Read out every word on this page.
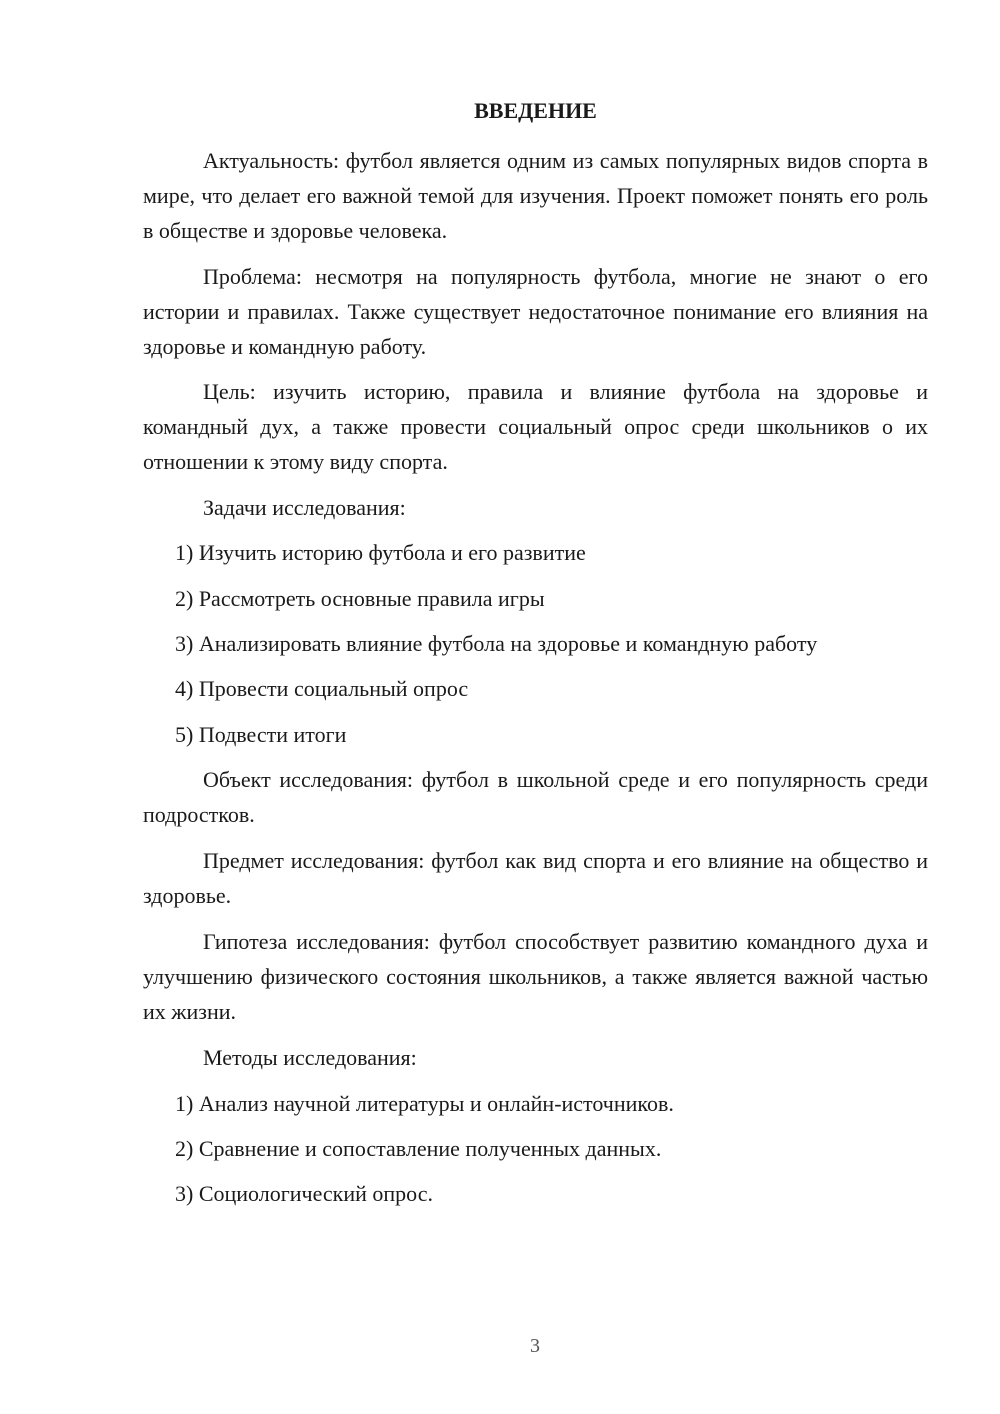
ВВЕДЕНИЕ

Актуальность: футбол является одним из самых популярных видов спорта в мире, что делает его важной темой для изучения. Проект поможет понять его роль в обществе и здоровье человека.

Проблема: несмотря на популярность футбола, многие не знают о его истории и правилах. Также существует недостаточное понимание его влияния на здоровье и командную работу.

Цель: изучить историю, правила и влияние футбола на здоровье и командный дух, а также провести социальный опрос среди школьников о их отношении к этому виду спорта.

Задачи исследования:

1) Изучить историю футбола и его развитие

2) Рассмотреть основные правила игры

3) Анализировать влияние футбола на здоровье и командную работу

4) Провести социальный опрос

5) Подвести итоги

Объект исследования: футбол в школьной среде и его популярность среди подростков.

Предмет исследования: футбол как вид спорта и его влияние на общество и здоровье.

Гипотеза исследования: футбол способствует развитию командного духа и улучшению физического состояния школьников, а также является важной частью их жизни.

Методы исследования:

1) Анализ научной литературы и онлайн-источников.

2) Сравнение и сопоставление полученных данных.

3) Социологический опрос.

3
